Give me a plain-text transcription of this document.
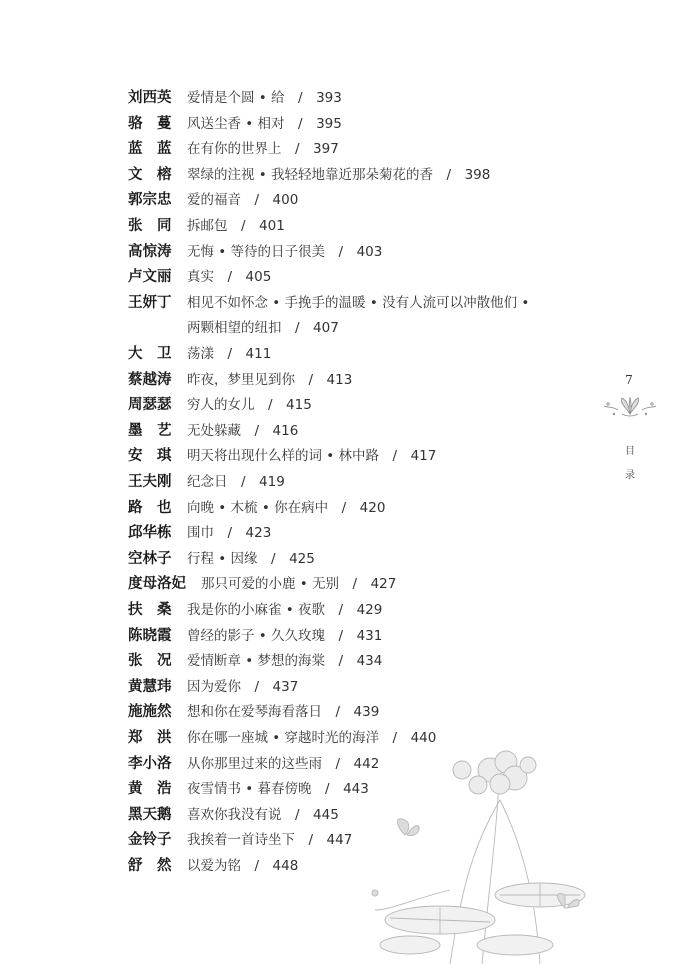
刘西英	爱情是个圆 • 给　/　393
骆　蔓	风送尘香 • 相对　/　395
蓝　蓝	在有你的世界上　/　397
文　榕	翠绿的注视 • 我轻轻地靠近那朵菊花的香　/　398
郭宗忠	爱的福音　/　400
张　同	拆邮包　/　401
高惊涛	无悔 • 等待的日子很美　/　403
卢文丽	真实　/　405
王妍丁	相见不如怀念 • 手挽手的温暖 • 没有人流可以冲散他们 •
两颗相望的纽扣　/　407
大　卫	荡漾　/　411
蔡越涛	昨夜，梦里见到你　/　413
周瑟瑟	穷人的女儿　/　415
墨　艺	无处躲藏　/　416
安　琪	明天将出现什么样的词 • 林中路　/　417
王夫刚	纪念日　/　419
路　也	向晚 • 木梳 • 你在病中　/　420
邱华栋	围巾　/　423
空林子	行程 • 因缘　/　425
度母洛妃 那只可爱的小鹿 • 无别　/　427
扶　桑	我是你的小麻雀 • 夜歌　/　429
陈晓霞	曾经的影子 • 久久玫瑰　/　431
张　况	爱情断章 • 梦想的海棠　/　434
黄慧玮	因为爱你　/　437
施施然	想和你在爱琴海看落日　/　439
郑　洪	你在哪一座城 • 穿越时光的海洋　/　440
李小洛	从你那里过来的这些雨　/　442
黄　浩	夜雪情书 • 暮春傍晚　/　443
黑天鹅	喜欢你我没有说　/　445
金铃子	我挨着一首诗坐下　/　447
舒　然	以爱为铭　/　448
7
目
录
